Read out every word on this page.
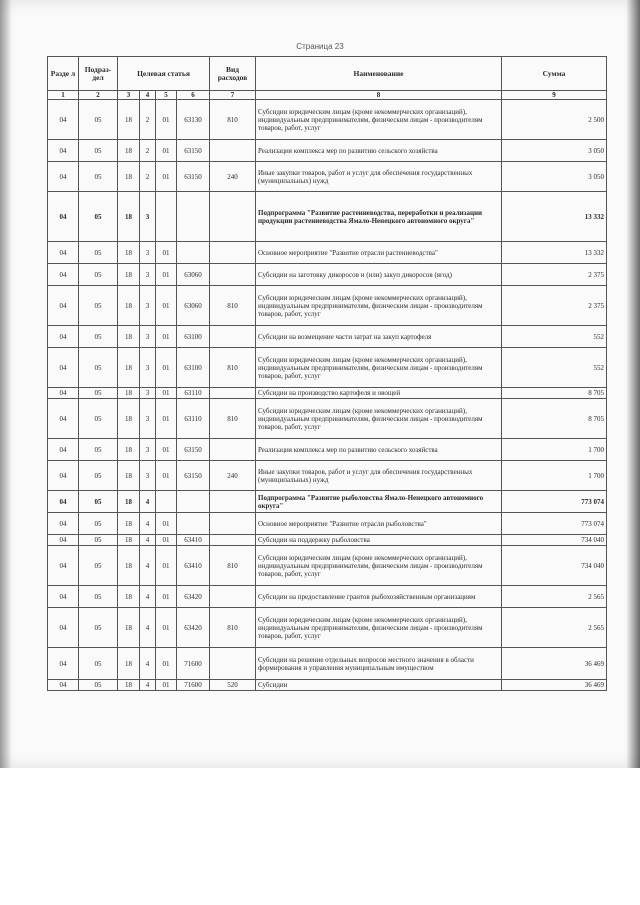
Страница 23
Разде л	Подраз- дел	Целевая статья				Вид расходов	Наименование	Сумма
1	2	3	4	5	6	7	8	9
04	05	18	2	01	63130	810	Субсидии юридическим лицам (кроме некоммерческих организаций), индивидуальным предпринимателям, физическим лицам - производителям товаров, работ, услуг	2 500
04	05	18	2	01	63150		Реализация комплекса мер по развитию сельского хозяйства	3 050
04	05	18	2	01	63150	240	Иные закупки товаров, работ и услуг для обеспечения государственных (муниципальных) нужд	3 050
04	05	18	3				Подпрограмма "Развитие растениеводства, переработки и реализации продукции растениеводства Ямало-Ненецкого автономного округа"	13 332
04	05	18	3	01			Основное мероприятие "Развитие отрасли растениеводства"	13 332
04	05	18	3	01	63060		Субсидии на заготовку дикоросов и (или) закуп дикоросов (ягод)	2 375
04	05	18	3	01	63060	810	Субсидии юридическим лицам (кроме некоммерческих организаций), индивидуальным предпринимателям, физическим лицам - производителям товаров, работ, услуг	2 375
04	05	18	3	01	63100		Субсидии на возмещение части затрат на закуп картофеля	552
04	05	18	3	01	63100	810	Субсидии юридическим лицам (кроме некоммерческих организаций), индивидуальным предпринимателям, физическим лицам - производителям товаров, работ, услуг	552
04	05	18	3	01	63110		Субсидии на производство картофеля и овощей	8 705
04	05	18	3	01	63110	810	Субсидии юридическим лицам (кроме некоммерческих организаций), индивидуальным предпринимателям, физическим лицам - производителям товаров, работ, услуг	8 705
04	05	18	3	01	63150		Реализация комплекса мер по развитию сельского хозяйства	1 700
04	05	18	3	01	63150	240	Иные закупки товаров, работ и услуг для обеспечения государственных (муниципальных) нужд	1 700
04	05	18	4				Подпрограмма "Развитие рыболовства Ямало-Ненецкого автономного округа"	773 074
04	05	18	4	01			Основное мероприятие "Развитие отрасли рыболовства"	773 074
04	05	18	4	01	63410		Субсидии на поддержку рыболовства	734 040
04	05	18	4	01	63410	810	Субсидии юридическим лицам (кроме некоммерческих организаций), индивидуальным предпринимателям, физическим лицам - производителям товаров, работ, услуг	734 040
04	05	18	4	01	63420		Субсидии на предоставление грантов рыбохозяйственным организациям	2 565
04	05	18	4	01	63420	810	Субсидии юридическим лицам (кроме некоммерческих организаций), индивидуальным предпринимателям, физическим лицам - производителям товаров, работ, услуг	2 565
04	05	18	4	01	71600		Субсидии на решение отдельных вопросов местного значения в области формирования и управления муниципальным имуществом	36 469
04	05	18	4	01	71600	520	Субсидии	36 469
